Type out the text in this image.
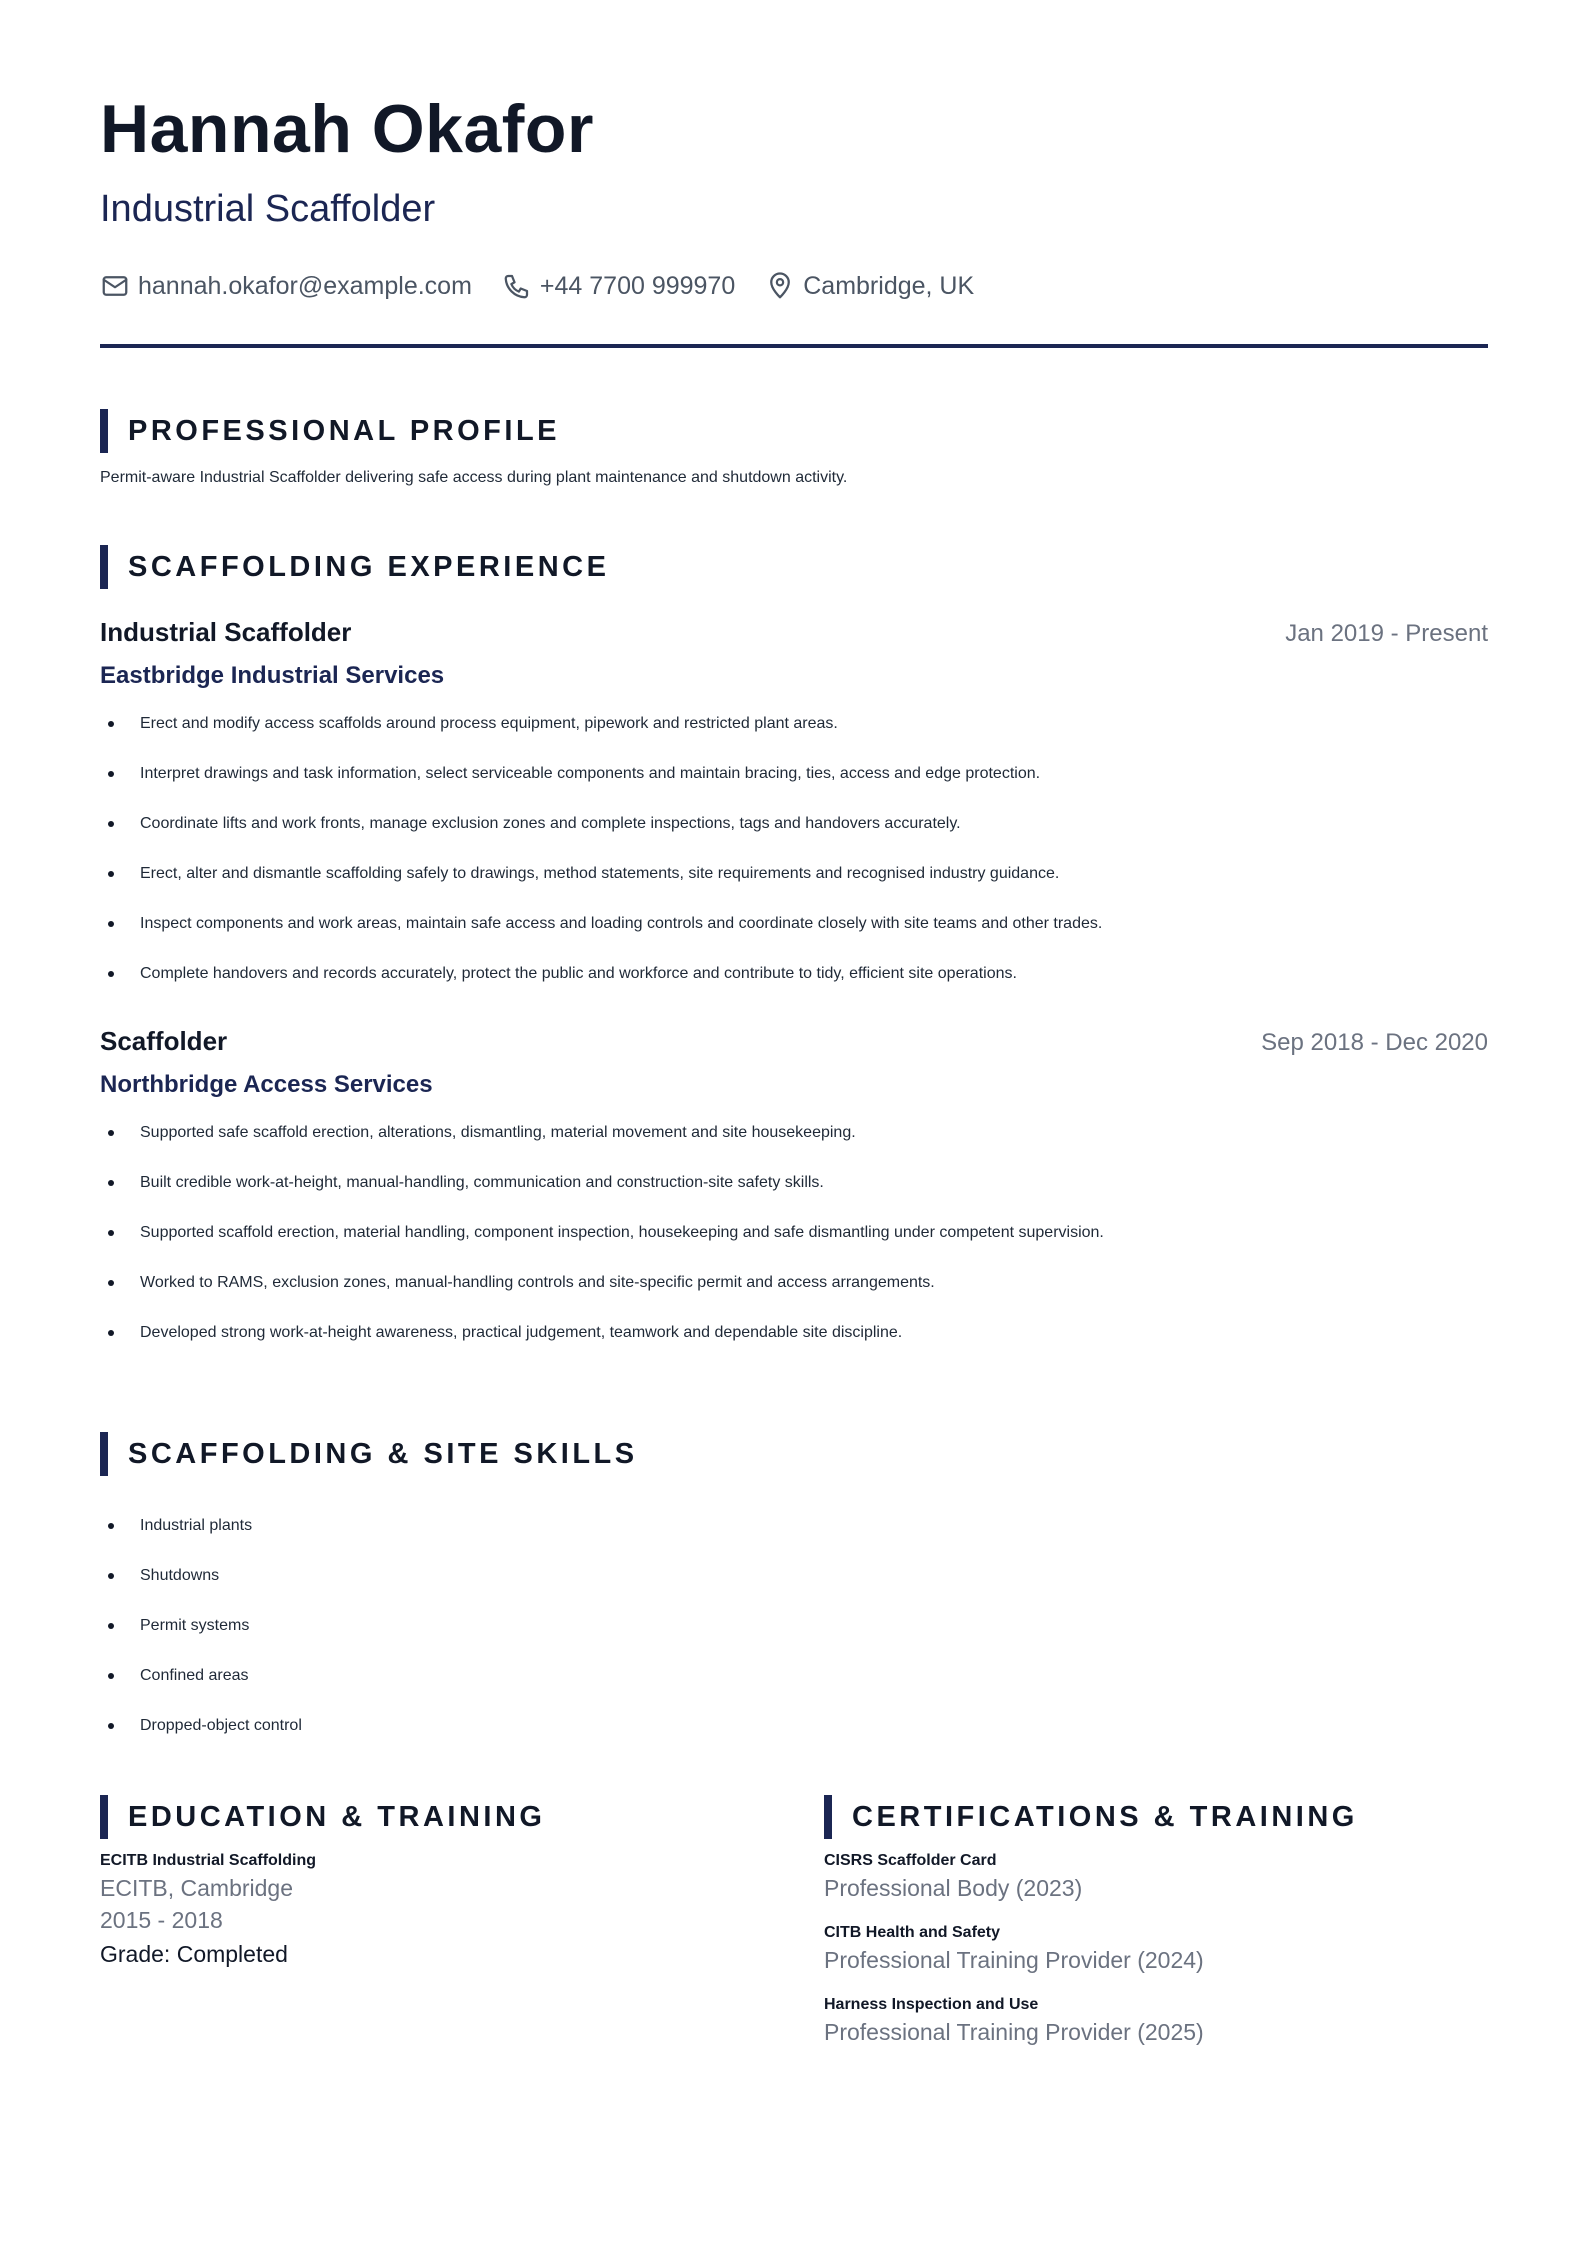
Hannah Okafor
Industrial Scaffolder
hannah.okafor@example.com	+44 7700 999970	Cambridge, UK
PROFESSIONAL PROFILE

Permit-aware Industrial Scaffolder delivering safe access during plant maintenance and shutdown activity.

SCAFFOLDING EXPERIENCE
Industrial Scaffolder	Jan 2019 - Present
Eastbridge Industrial Services
Erect and modify access scaffolds around process equipment, pipework and restricted plant areas.
Interpret drawings and task information, select serviceable components and maintain bracing, ties, access and edge protection.
Coordinate lifts and work fronts, manage exclusion zones and complete inspections, tags and handovers accurately.
Erect, alter and dismantle scaffolding safely to drawings, method statements, site requirements and recognised industry guidance.
Inspect components and work areas, maintain safe access and loading controls and coordinate closely with site teams and other trades.
Complete handovers and records accurately, protect the public and workforce and contribute to tidy, efficient site operations.
Scaffolder	Sep 2018 - Dec 2020
Northbridge Access Services
Supported safe scaffold erection, alterations, dismantling, material movement and site housekeeping.
Built credible work-at-height, manual-handling, communication and construction-site safety skills.
Supported scaffold erection, material handling, component inspection, housekeeping and safe dismantling under competent supervision.
Worked to RAMS, exclusion zones, manual-handling controls and site-specific permit and access arrangements.
Developed strong work-at-height awareness, practical judgement, teamwork and dependable site discipline.
SCAFFOLDING & SITE SKILLS
Industrial plants
Shutdowns
Permit systems
Confined areas
Dropped-object control
EDUCATION & TRAINING
ECITB Industrial Scaffolding
ECITB, Cambridge
2015 - 2018
Grade: Completed
CERTIFICATIONS & TRAINING
CISRS Scaffolder Card
Professional Body (2023)
CITB Health and Safety
Professional Training Provider (2024)
Harness Inspection and Use
Professional Training Provider (2025)
